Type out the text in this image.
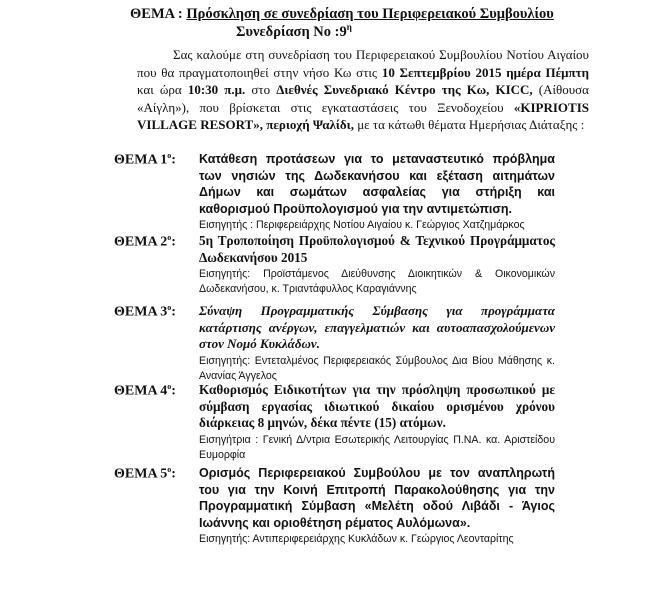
ΘΕΜΑ : Πρόσκληση σε συνεδρίαση του Περιφερειακού Συμβουλίου
Συνεδρίαση Νο $:9^\eta$
Σας καλούμε στη συνεδρίαση του Περιφερειακού Συμβουλίου Νοτίου Αιγαίου που θα πραγματοποιηθεί στην νήσο Κω στις 10 Σεπτεμβρίου 2015 ημέρα Πέμπτη και ώρα 10:30 π.μ. στο Διεθνές Συνεδριακό Κέντρο της Κω, KICC, (Αίθουσα «Αίγλη»), που βρίσκεται στις εγκαταστάσεις του Ξενοδοχείου «KIPRIOTIS VILLAGE RESORT», περιοχή Ψαλίδι, με τα κάτωθι θέματα Ημερήσιας Διάταξης :
ΘΕΜΑ $1^o$: Κατάθεση προτάσεων για το μεταναστευτικό πρόβλημα των νησιών της Δωδεκανήσου και εξέταση αιτημάτων Δήμων και σωμάτων ασφαλείας για στήριξη και καθορισμού Προϋπολογισμού για την αντιμετώπιση.
Εισηγητής : Περιφερειάρχης Νοτίου Αιγαίου κ. Γεώργιος Χατζημάρκος
ΘΕΜΑ $2^o$: 5η Τροποποίηση Προϋπολογισμού & Τεχνικού Προγράμματος Δωδεκανήσου 2015
Εισηγητής: Προϊστάμενος Διεύθυνσης Διοικητικών & Οικονομικών Δωδεκανήσου, κ. Τριαντάφυλλος Καραγιάννης
ΘΕΜΑ $3^o$: Σύναψη Προγραμματικής Σύμβασης για προγράμματα κατάρτισης ανέργων, επαγγελματιών και αυτοαπασχολούμενων στον Νομό Κυκλάδων.
Εισηγητής: Εντεταλμένος Περιφερειακός Σύμβουλος Δια Βίου Μάθησης κ. Ανανίας Άγγελος
ΘΕΜΑ $4^o$: Καθορισμός Ειδικοτήτων για την πρόσληψη προσωπικού με σύμβαση εργασίας ιδιωτικού δικαίου ορισμένου χρόνου διάρκειας 8 μηνών, δέκα πέντε (15) ατόμων.
Εισηγήτρια : Γενική Δ/ντρια Εσωτερικής Λειτουργίας Π.ΝΑ. κα. Αριστείδου Ευμορφία
ΘΕΜΑ $5^o$: Ορισμός Περιφερειακού Συμβούλου με τον αναπληρωτή του για την Κοινή Επιτροπή Παρακολούθησης για την Προγραμματική Σύμβαση «Μελέτη οδού Λιβάδι - Άγιος Ιωάννης και οριοθέτηση ρέματος Αυλόμωνα».
Εισηγητής: Αντιπεριφερειάρχης Κυκλάδων κ. Γεώργιος Λεονταρίτης
